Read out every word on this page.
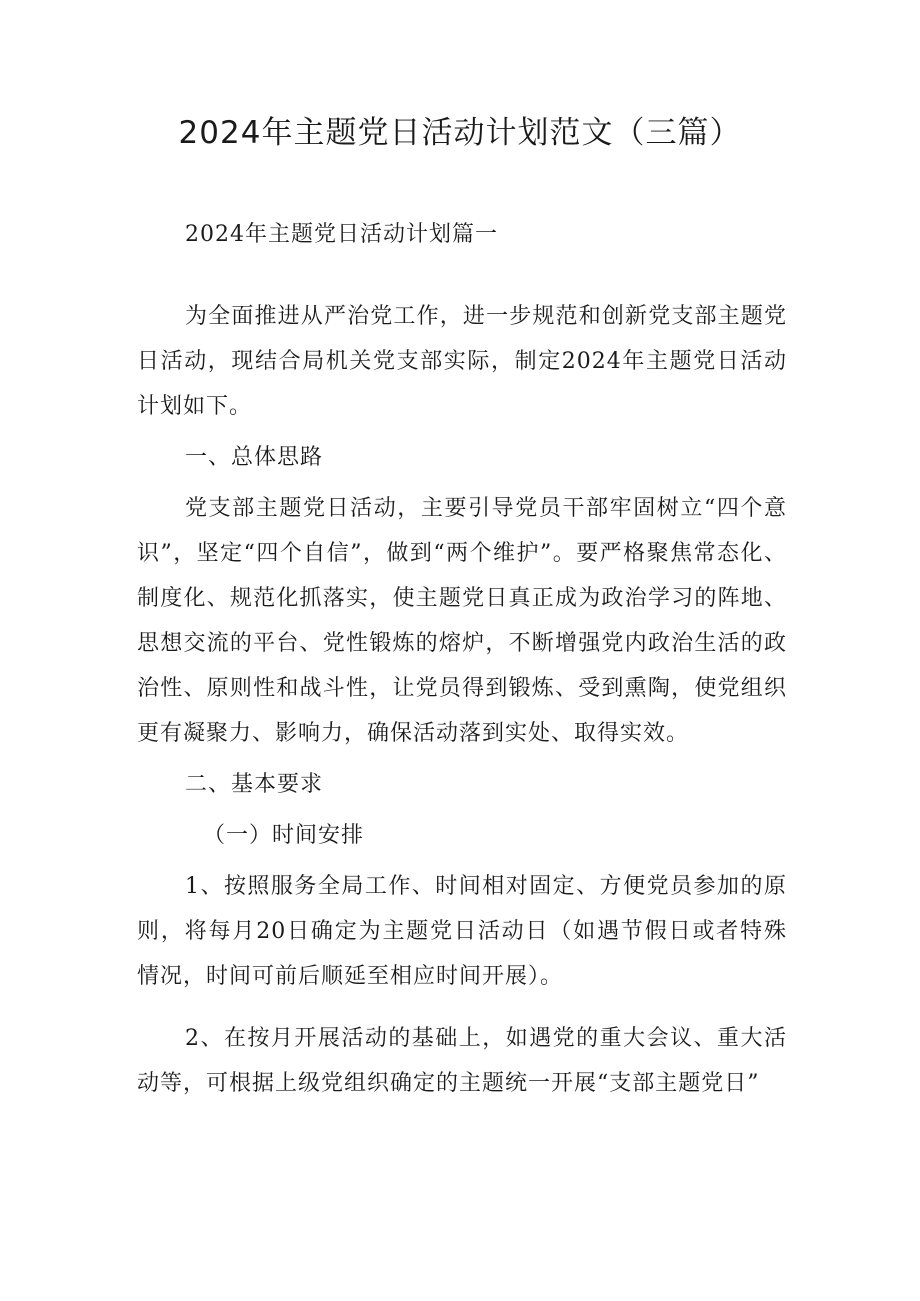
2024年主题党日活动计划范文（三篇）

2024年主题党日活动计划篇一

为全面推进从严治党工作，进一步规范和创新党支部主题党日活动，现结合局机关党支部实际，制定2024年主题党日活动计划如下。

一、总体思路

党支部主题党日活动，主要引导党员干部牢固树立“四个意识”，坚定“四个自信”，做到“两个维护”。要严格聚焦常态化、制度化、规范化抓落实，使主题党日真正成为政治学习的阵地、思想交流的平台、党性锻炼的熔炉，不断增强党内政治生活的政治性、原则性和战斗性，让党员得到锻炼、受到熏陶，使党组织更有凝聚力、影响力，确保活动落到实处、取得实效。

二、基本要求

（一）时间安排

1、按照服务全局工作、时间相对固定、方便党员参加的原则，将每月20日确定为主题党日活动日（如遇节假日或者特殊情况，时间可前后顺延至相应时间开展）。

2、在按月开展活动的基础上，如遇党的重大会议、重大活动等，可根据上级党组织确定的主题统一开展“支部主题党日”
